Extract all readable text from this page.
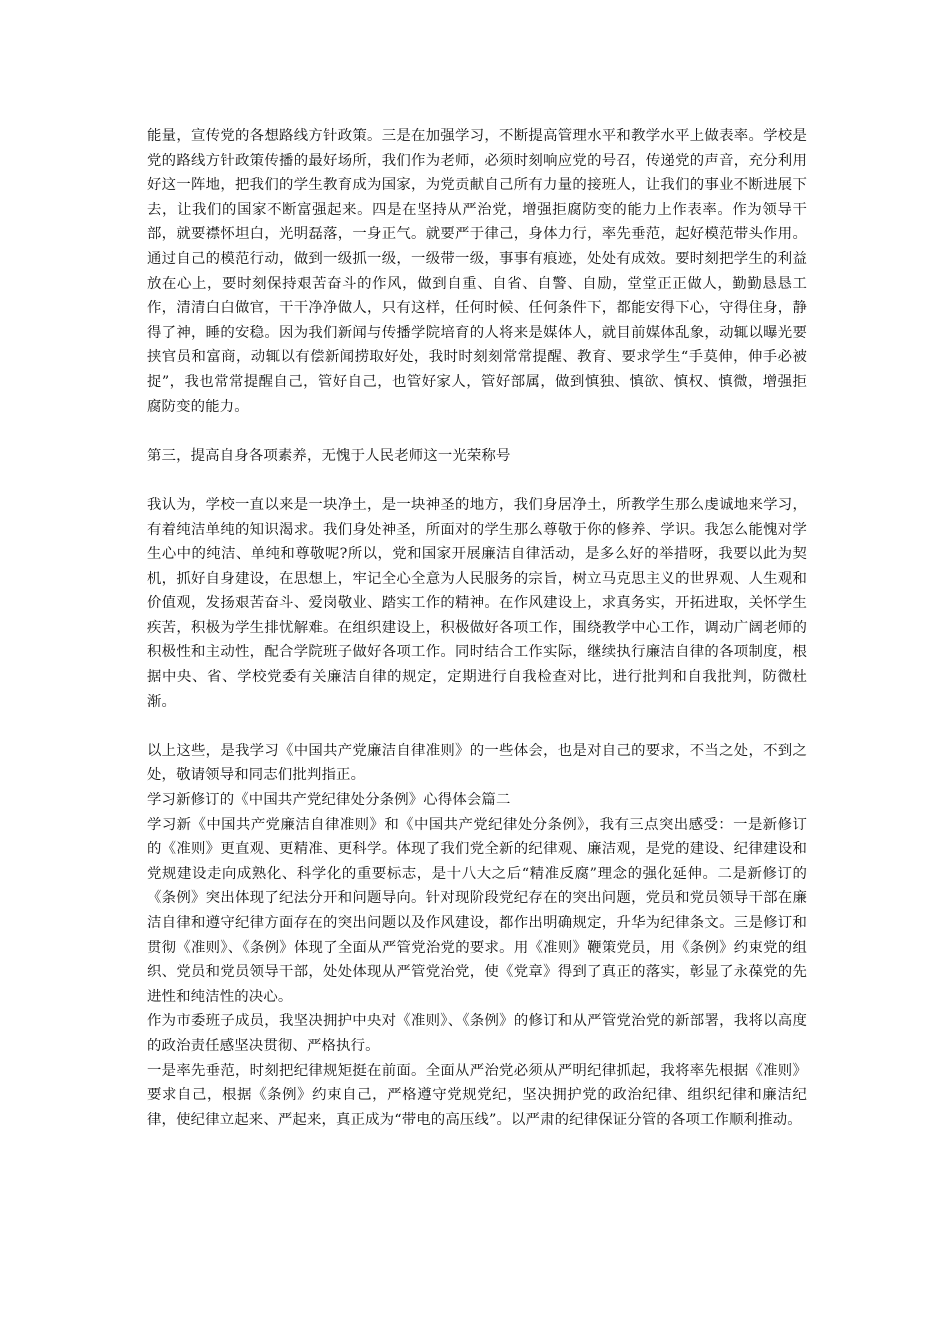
能量，宣传党的各想路线方针政策。三是在加强学习，不断提高管理水平和教学水平上做表率。学校是党的路线方针政策传播的最好场所，我们作为老师，必须时刻响应党的号召，传递党的声音，充分利用好这一阵地，把我们的学生教育成为国家，为党贡献自己所有力量的接班人，让我们的事业不断进展下去，让我们的国家不断富强起来。四是在坚持从严治党，增强拒腐防变的能力上作表率。作为领导干部，就要襟怀坦白，光明磊落，一身正气。就要严于律己，身体力行，率先垂范，起好模范带头作用。通过自己的模范行动，做到一级抓一级，一级带一级，事事有痕迹，处处有成效。要时刻把学生的利益放在心上，要时刻保持艰苦奋斗的作风，做到自重、自省、自警、自励，堂堂正正做人，勤勤恳恳工作，清清白白做官，干干净净做人，只有这样，任何时候、任何条件下，都能安得下心，守得住身，静得了神，睡的安稳。因为我们新闻与传播学院培育的人将来是媒体人，就目前媒体乱象，动辄以曝光要挟官员和富商，动辄以有偿新闻捞取好处，我时时刻刻常常提醒、教育、要求学生“手莫伸，伸手必被捉”，我也常常提醒自己，管好自己，也管好家人，管好部属，做到慎独、慎欲、慎权、慎微，增强拒腐防变的能力。

第三，提高自身各项素养，无愧于人民老师这一光荣称号

我认为，学校一直以来是一块净土，是一块神圣的地方，我们身居净土，所教学生那么虔诚地来学习，有着纯洁单纯的知识渴求。我们身处神圣，所面对的学生那么尊敬于你的修养、学识。我怎么能愧对学生心中的纯洁、单纯和尊敬呢?所以，党和国家开展廉洁自律活动，是多么好的举措呀，我要以此为契机，抓好自身建设，在思想上，牢记全心全意为人民服务的宗旨，树立马克思主义的世界观、人生观和价值观，发扬艰苦奋斗、爱岗敬业、踏实工作的精神。在作风建设上，求真务实，开拓进取，关怀学生疾苦，积极为学生排忧解难。在组织建设上，积极做好各项工作，围绕教学中心工作，调动广阔老师的积极性和主动性，配合学院班子做好各项工作。同时结合工作实际，继续执行廉洁自律的各项制度，根据中央、省、学校党委有关廉洁自律的规定，定期进行自我检查对比，进行批判和自我批判，防微杜渐。

以上这些，是我学习《中国共产党廉洁自律准则》的一些体会，也是对自己的要求，不当之处，不到之处，敬请领导和同志们批判指正。

学习新修订的《中国共产党纪律处分条例》心得体会篇二

学习新《中国共产党廉洁自律准则》和《中国共产党纪律处分条例》，我有三点突出感受：一是新修订的《准则》更直观、更精准、更科学。体现了我们党全新的纪律观、廉洁观，是党的建设、纪律建设和党规建设走向成熟化、科学化的重要标志，是十八大之后“精准反腐”理念的强化延伸。二是新修订的《条例》突出体现了纪法分开和问题导向。针对现阶段党纪存在的突出问题，党员和党员领导干部在廉洁自律和遵守纪律方面存在的突出问题以及作风建设，都作出明确规定，升华为纪律条文。三是修订和贯彻《准则》、《条例》体现了全面从严管党治党的要求。用《准则》鞭策党员，用《条例》约束党的组织、党员和党员领导干部，处处体现从严管党治党，使《党章》得到了真正的落实，彰显了永葆党的先进性和纯洁性的决心。

作为市委班子成员，我坚决拥护中央对《准则》、《条例》的修订和从严管党治党的新部署，我将以高度的政治责任感坚决贯彻、严格执行。

一是率先垂范，时刻把纪律规矩挺在前面。全面从严治党必须从严明纪律抓起，我将率先根据《准则》要求自己，根据《条例》约束自己，严格遵守党规党纪，坚决拥护党的政治纪律、组织纪律和廉洁纪律，使纪律立起来、严起来，真正成为“带电的高压线”。以严肃的纪律保证分管的各项工作顺利推动。
